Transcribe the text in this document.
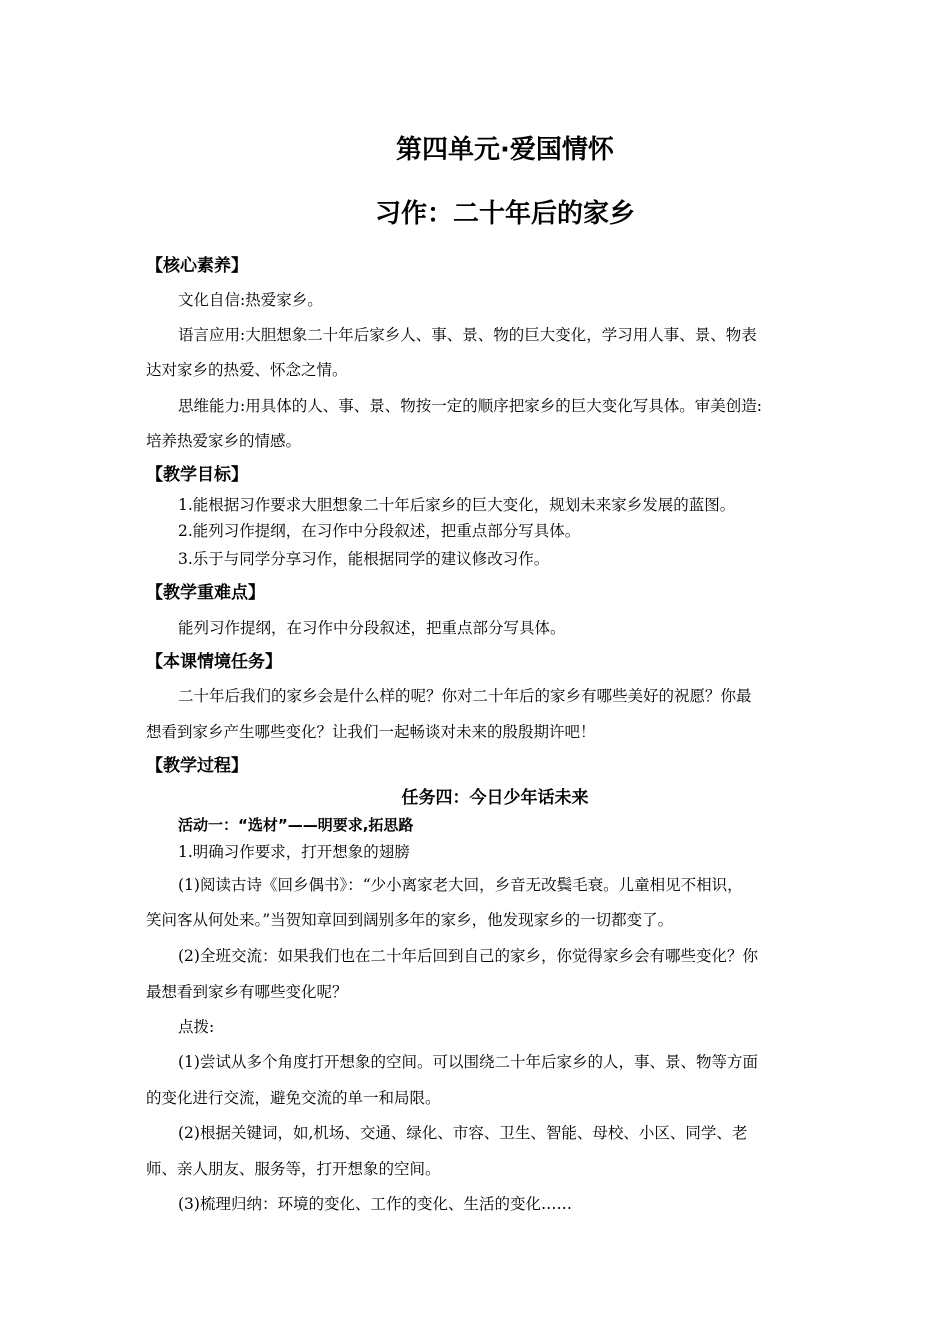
第四单元·爱国情怀
习作：二十年后的家乡
【核心素养】
文化自信:热爱家乡。
语言应用:大胆想象二十年后家乡人、事、景、物的巨大变化，学习用人事、景、物表
达对家乡的热爱、怀念之情。
思维能力:用具体的人、事、景、物按一定的顺序把家乡的巨大变化写具体。审美创造:
培养热爱家乡的情感。
【教学目标】
1.能根据习作要求大胆想象二十年后家乡的巨大变化，规划未来家乡发展的蓝图。
2.能列习作提纲，在习作中分段叙述，把重点部分写具体。
3.乐于与同学分享习作，能根据同学的建议修改习作。
【教学重难点】
能列习作提纲，在习作中分段叙述，把重点部分写具体。
【本课情境任务】
二十年后我们的家乡会是什么样的呢？你对二十年后的家乡有哪些美好的祝愿？你最
想看到家乡产生哪些变化？让我们一起畅谈对未来的殷殷期许吧！
【教学过程】
任务四：今日少年话未来
活动一：“选材”——明要求,拓思路
1.明确习作要求，打开想象的翅膀
(1)阅读古诗《回乡偶书》：“少小离家老大回，乡音无改鬓毛衰。儿童相见不相识，
笑问客从何处来。”当贺知章回到阔别多年的家乡，他发现家乡的一切都变了。
(2)全班交流：如果我们也在二十年后回到自己的家乡，你觉得家乡会有哪些变化？你
最想看到家乡有哪些变化呢？
点拨:
(1)尝试从多个角度打开想象的空间。可以围绕二十年后家乡的人，事、景、物等方面
的变化进行交流，避免交流的单一和局限。
(2)根据关键词，如,机场、交通、绿化、市容、卫生、智能、母校、小区、同学、老
师、亲人朋友、服务等，打开想象的空间。
(3)梳理归纳：环境的变化、工作的变化、生活的变化……
